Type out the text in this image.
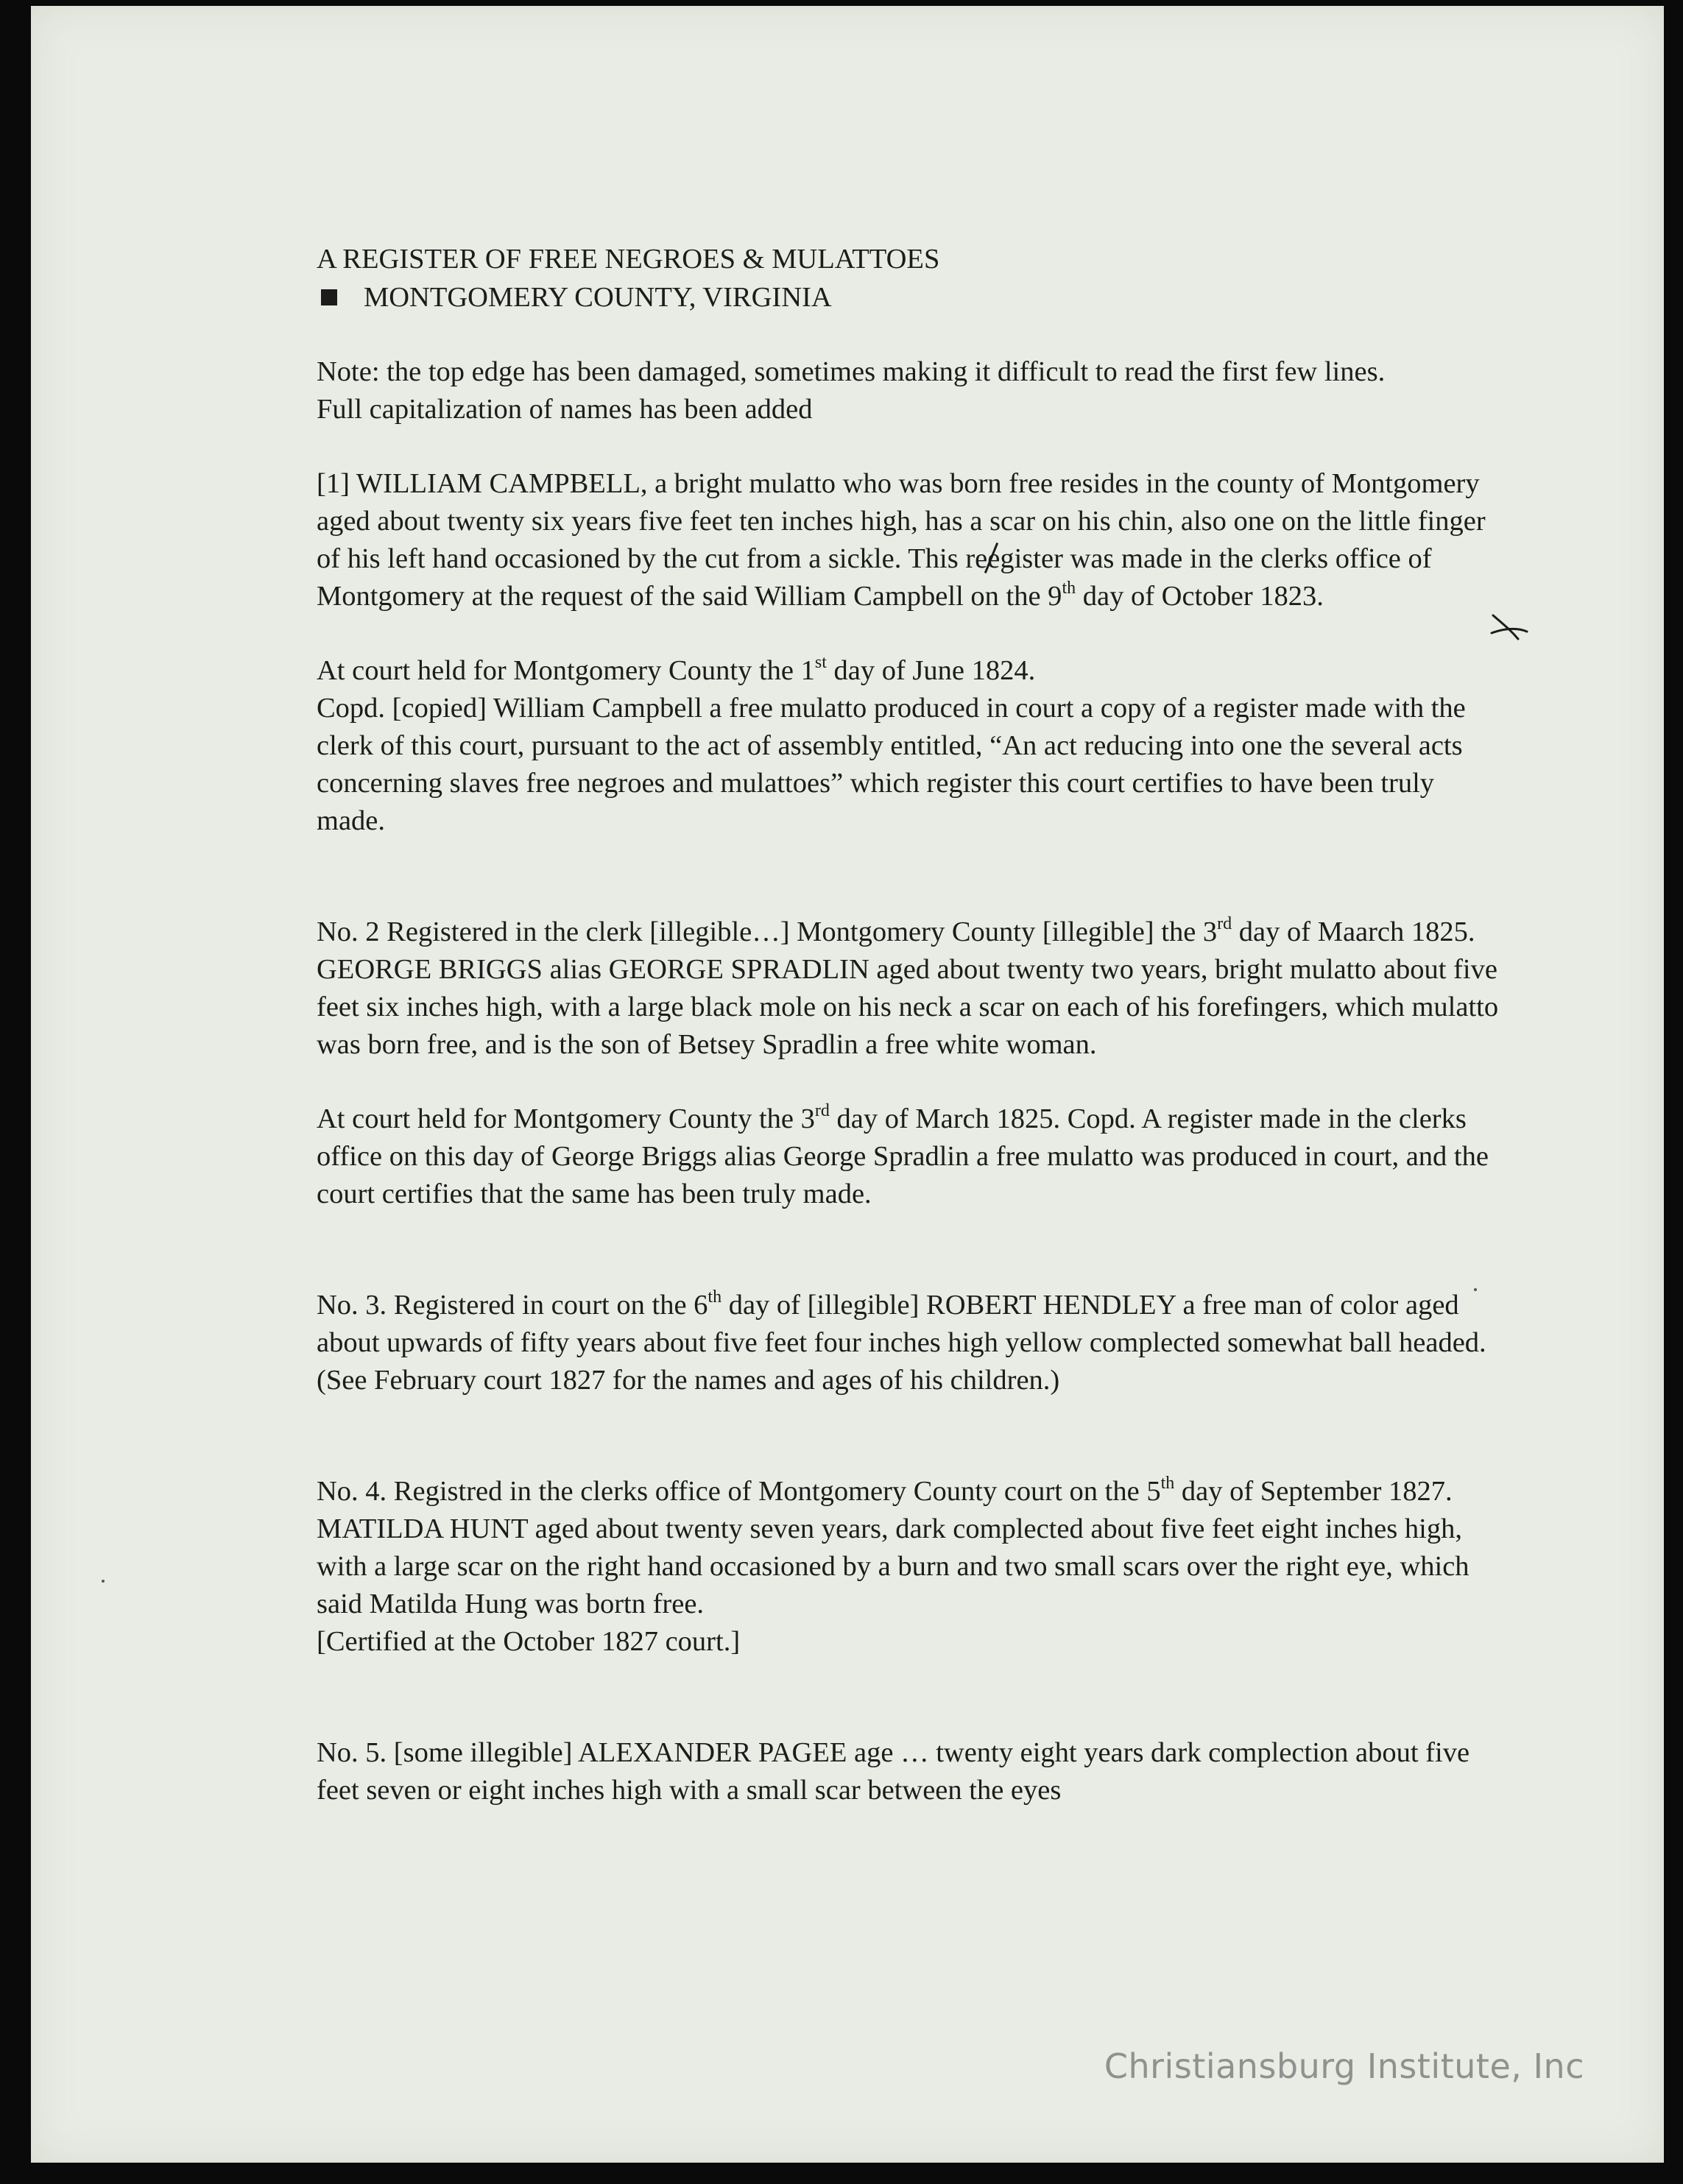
A REGISTER OF FREE NEGROES & MULATTOES

MONTGOMERY COUNTY, VIRGINIA

Note: the top edge has been damaged, sometimes making it difficult to read the first few lines.

Full capitalization of names has been added

[1] WILLIAM CAMPBELL, a bright mulatto who was born free resides in the county of Montgomery aged about twenty six years five feet ten inches high, has a scar on his chin, also one on the little finger of his left hand occasioned by the cut from a sickle. This re
egister was made in the clerks office of Montgomery at the request of the said William Campbell on the 9th day of October 1823.

At court held for Montgomery County the 1st day of June 1824.

Copd. [copied] William Campbell a free mulatto produced in court a copy of a register made with the clerk of this court, pursuant to the act of assembly entitled, “An act reducing into one the several acts concerning slaves free negroes and mulattoes” which register this court certifies to have been truly made.

No. 2 Registered in the clerk [illegible…] Montgomery County [illegible] the 3rd day of Maarch 1825. GEORGE BRIGGS alias GEORGE SPRADLIN aged about twenty two years, bright mulatto about five feet six inches high, with a large black mole on his neck a scar on each of his forefingers, which mulatto was born free, and is the son of Betsey Spradlin a free white woman.

At court held for Montgomery County the 3rd day of March 1825. Copd. A register made in the clerks office on this day of George Briggs alias George Spradlin a free mulatto was produced in court, and the court certifies that the same has been truly made.

No. 3. Registered in court on the 6th day of [illegible] ROBERT HENDLEY a free man of color aged about upwards of fifty years about five feet four inches high yellow complected somewhat ball headed. (See February court 1827 for the names and ages of his children.)

No. 4. Registred in the clerks office of Montgomery County court on the 5th day of September 1827. MATILDA HUNT aged about twenty seven years, dark complected about five feet eight inches high, with a large scar on the right hand occasioned by a burn and two small scars over the right eye, which said Matilda Hung was bortn free.

[Certified at the October 1827 court.]

No. 5. [some illegible] ALEXANDER PAGEE age … twenty eight years dark complection about five feet seven or eight inches high with a small scar between the eyes

Christiansburg Institute, Inc
